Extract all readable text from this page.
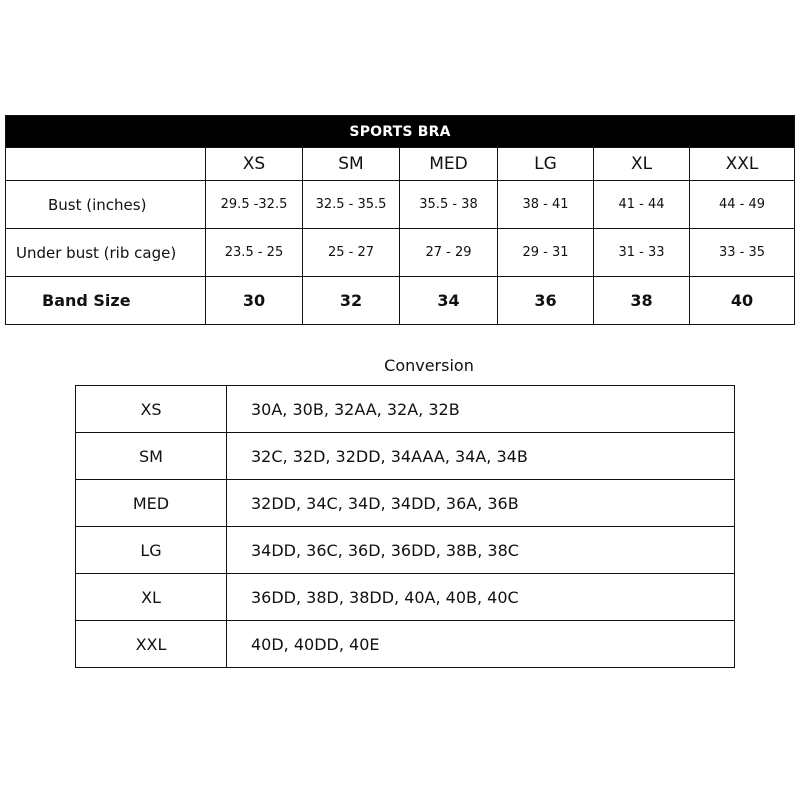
SPORTS BRA						
	XS	SM	MED	LG	XL	XXL
Bust (inches)	29.5 -32.5	32.5 - 35.5	35.5 - 38	38 - 41	41 - 44	44 - 49
Under bust (rib cage)	23.5 - 25	25 - 27	27 - 29	29 - 31	31 - 33	33 - 35
Band Size	30	32	34	36	38	40
Conversion
XS	30A, 30B, 32AA, 32A, 32B
SM	32C, 32D, 32DD, 34AAA, 34A, 34B
MED	32DD, 34C, 34D, 34DD, 36A, 36B
LG	34DD, 36C, 36D, 36DD, 38B, 38C
XL	36DD, 38D, 38DD, 40A, 40B, 40C
XXL	40D, 40DD, 40E
